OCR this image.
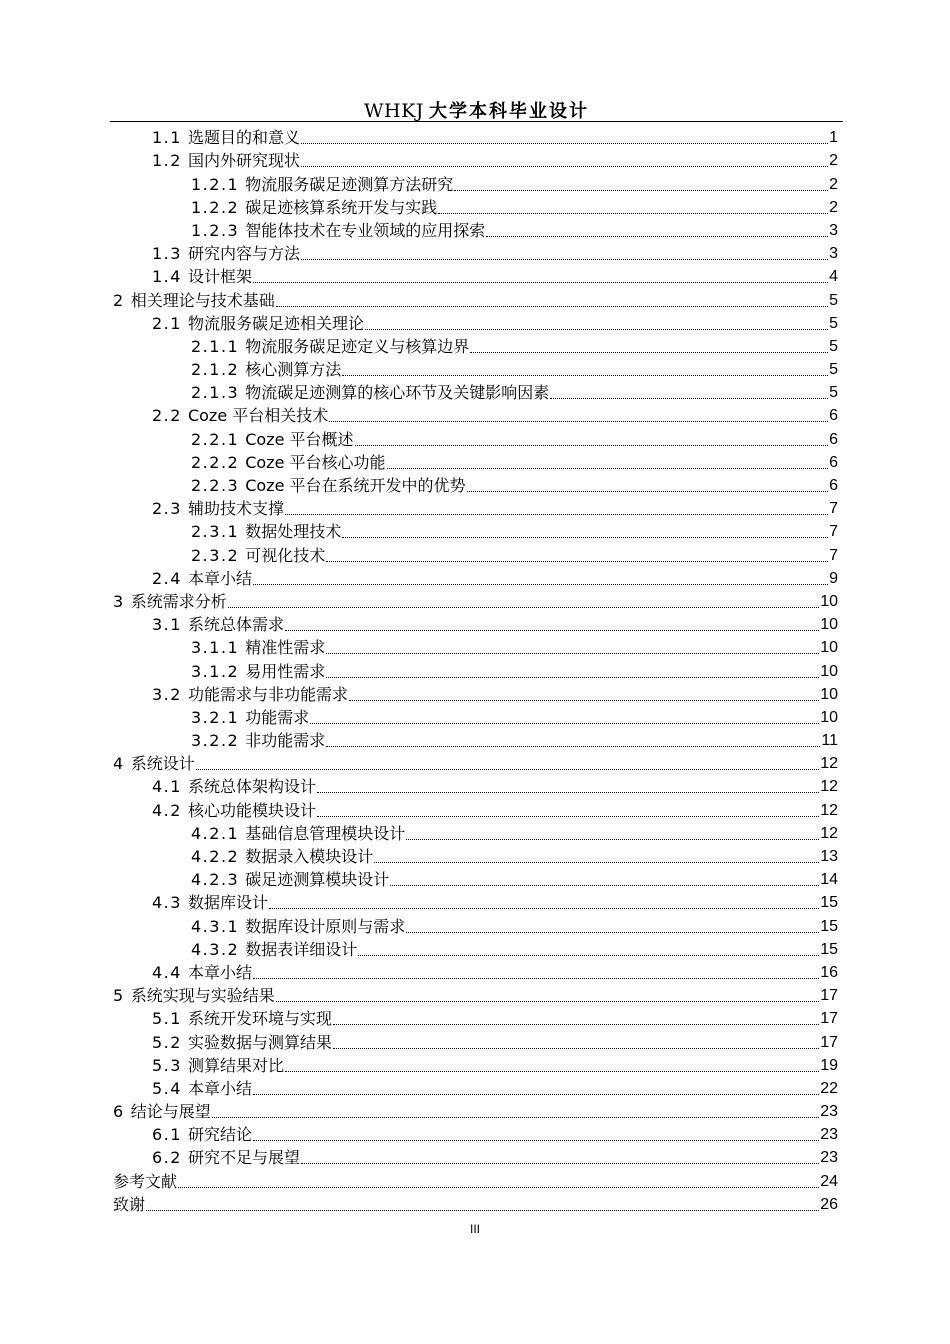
WHKJ 大学本科毕业设计
1.1 选题目的和意义	1
1.2 国内外研究现状	2
1.2.1 物流服务碳足迹测算方法研究	2
1.2.2 碳足迹核算系统开发与实践	2
1.2.3 智能体技术在专业领域的应用探索	3
1.3 研究内容与方法	3
1.4 设计框架	4
2 相关理论与技术基础	5
2.1 物流服务碳足迹相关理论	5
2.1.1 物流服务碳足迹定义与核算边界	5
2.1.2 核心测算方法	5
2.1.3 物流碳足迹测算的核心环节及关键影响因素	5
2.2 Coze 平台相关技术	6
2.2.1 Coze 平台概述	6
2.2.2 Coze 平台核心功能	6
2.2.3 Coze 平台在系统开发中的优势	6
2.3 辅助技术支撑	7
2.3.1 数据处理技术	7
2.3.2 可视化技术	7
2.4 本章小结	9
3 系统需求分析	10
3.1 系统总体需求	10
3.1.1 精准性需求	10
3.1.2 易用性需求	10
3.2 功能需求与非功能需求	10
3.2.1 功能需求	10
3.2.2 非功能需求	11
4 系统设计	12
4.1 系统总体架构设计	12
4.2 核心功能模块设计	12
4.2.1 基础信息管理模块设计	12
4.2.2 数据录入模块设计	13
4.2.3 碳足迹测算模块设计	14
4.3 数据库设计	15
4.3.1 数据库设计原则与需求	15
4.3.2 数据表详细设计	15
4.4 本章小结	16
5 系统实现与实验结果	17
5.1 系统开发环境与实现	17
5.2 实验数据与测算结果	17
5.3 测算结果对比	19
5.4 本章小结	22
6 结论与展望	23
6.1 研究结论	23
6.2 研究不足与展望	23
参考文献	24
致谢	26
III
